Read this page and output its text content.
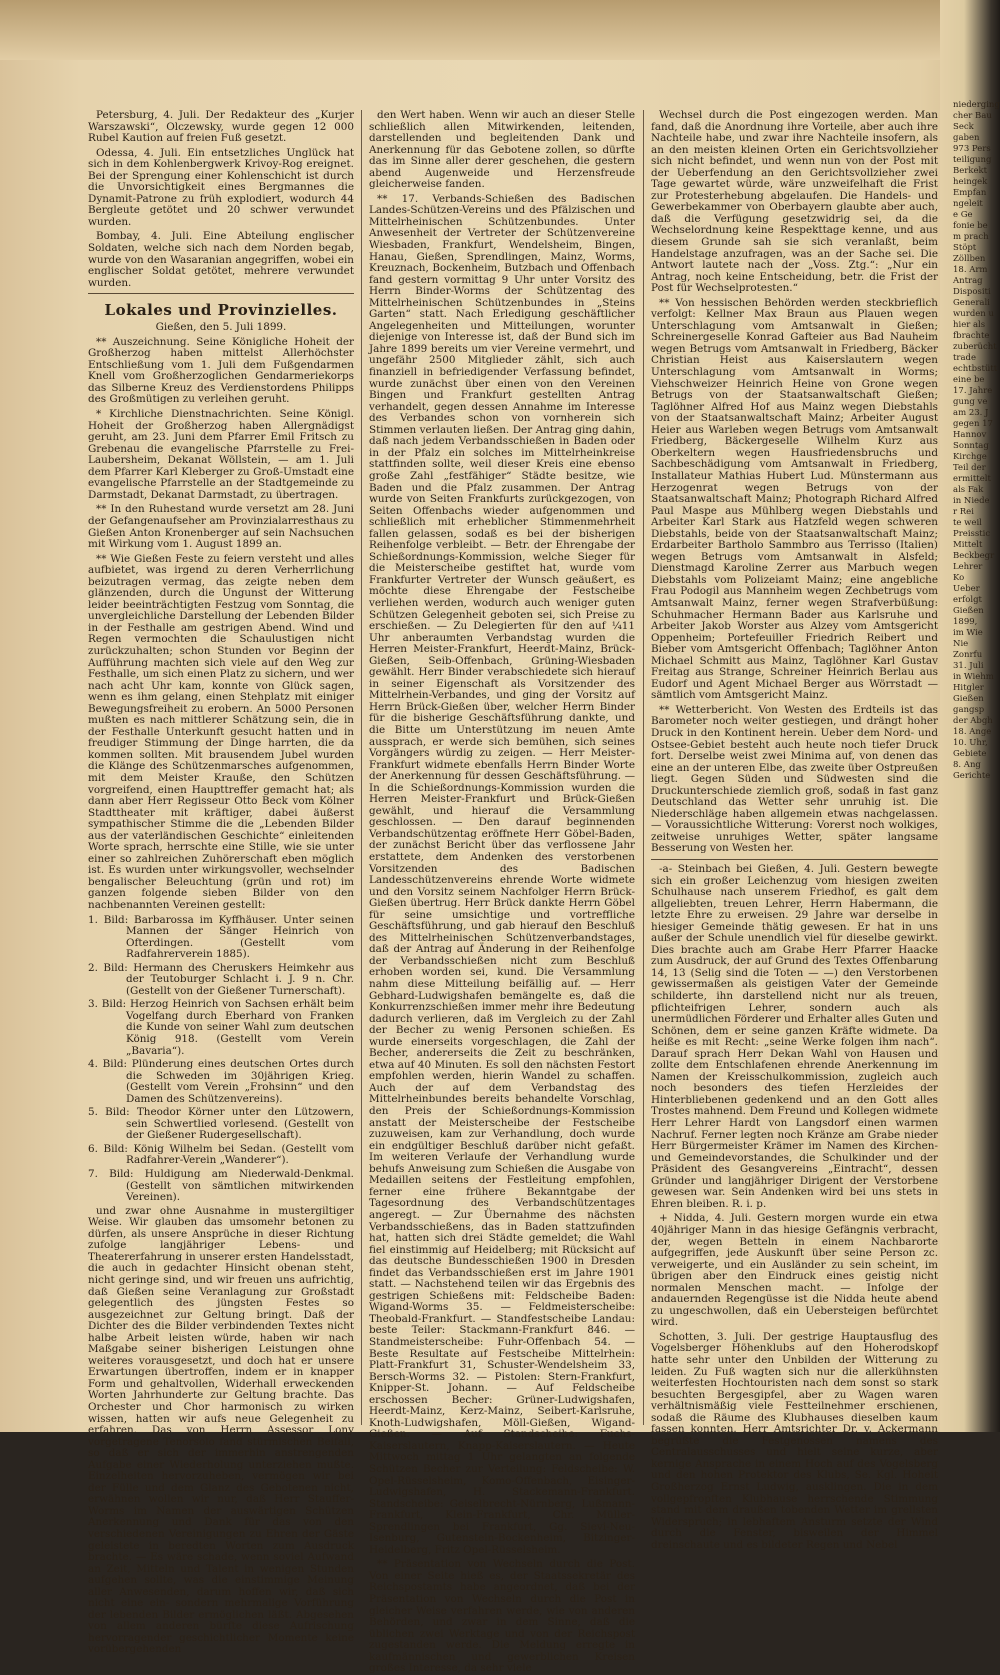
Petersburg, 4. Juli. Der Redakteur des „Kurjer Warszawski“, Olczewsky, wurde gegen 12 000 Rubel Kaution auf freien Fuß gesetzt.

Odessa, 4. Juli. Ein entsetzliches Unglück hat sich in dem Kohlenbergwerk Krivoy-Rog ereignet. Bei der Sprengung einer Kohlenschicht ist durch die Unvorsichtigkeit eines Bergmannes die Dynamit-Patrone zu früh explodiert, wodurch 44 Bergleute getötet und 20 schwer verwundet wurden.

Bombay, 4. Juli. Eine Abteilung englischer Soldaten, welche sich nach dem Norden begab, wurde von den Wasaranian angegriffen, wobei ein englischer Soldat getötet, mehrere verwundet wurden.

Lokales und Provinzielles.

Gießen, den 5. Juli 1899.

** Auszeichnung. Seine Königliche Hoheit der Großherzog haben mittelst Allerhöchster Entschließung vom 1. Juli dem Fußgendarmen Knell vom Großherzoglichen Gendarmeriekorps das Silberne Kreuz des Verdienstordens Philipps des Großmütigen zu verleihen geruht.

* Kirchliche Dienstnachrichten. Seine Königl. Hoheit der Großherzog haben Allergnädigst geruht, am 23. Juni dem Pfarrer Emil Fritsch zu Grebenau die evangelische Pfarrstelle zu Frei-Laubersheim, Dekanat Wöllstein, — am 1. Juli dem Pfarrer Karl Kleberger zu Groß-Umstadt eine evangelische Pfarrstelle an der Stadtgemeinde zu Darmstadt, Dekanat Darmstadt, zu übertragen.

** In den Ruhestand wurde versetzt am 28. Juni der Gefangenaufseher am Provinzialarresthaus zu Gießen Anton Kronenberger auf sein Nachsuchen mit Wirkung vom 1. August 1899 an.

** Wie Gießen Feste zu feiern versteht und alles aufbietet, was irgend zu deren Verherrlichung beizutragen vermag, das zeigte neben dem glänzenden, durch die Ungunst der Witterung leider beeinträchtigten Festzug vom Sonntag, die unvergleichliche Darstellung der Lebenden Bilder in der Festhalle am gestrigen Abend. Wind und Regen vermochten die Schaulustigen nicht zurückzuhalten; schon Stunden vor Beginn der Aufführung machten sich viele auf den Weg zur Festhalle, um sich einen Platz zu sichern, und wer nach acht Uhr kam, konnte von Glück sagen, wenn es ihm gelang, einen Stehplatz mit einiger Bewegungsfreiheit zu erobern. An 5000 Personen mußten es nach mittlerer Schätzung sein, die in der Festhalle Unterkunft gesucht hatten und in freudiger Stimmung der Dinge harrten, die da kommen sollten. Mit brausendem Jubel wurden die Klänge des Schützenmarsches aufgenommen, mit dem Meister Krauße, den Schützen vorgreifend, einen Haupttreffer gemacht hat; als dann aber Herr Regisseur Otto Beck vom Kölner Stadttheater mit kräftiger, dabei äußerst sympathischer Stimme die die „Lebenden Bilder aus der vaterländischen Geschichte“ einleitenden Worte sprach, herrschte eine Stille, wie sie unter einer so zahlreichen Zuhörerschaft eben möglich ist. Es wurden unter wirkungsvoller, wechselnder bengalischer Beleuchtung (grün und rot) im ganzen folgende sieben Bilder von den nachbenannten Vereinen gestellt:

1. Bild: Barbarossa im Kyffhäuser. Unter seinen Mannen der Sänger Heinrich von Ofterdingen. (Gestellt vom Radfahrerverein 1885).

2. Bild: Hermann des Cheruskers Heimkehr aus der Teutoburger Schlacht i. J. 9 n. Chr. (Gestellt von der Gießener Turnerschaft).

3. Bild: Herzog Heinrich von Sachsen erhält beim Vogelfang durch Eberhard von Franken die Kunde von seiner Wahl zum deutschen König 918. (Gestellt vom Verein „Bavaria“).

4. Bild: Plünderung eines deutschen Ortes durch die Schweden im 30jährigen Krieg. (Gestellt vom Verein „Frohsinn“ und den Damen des Schützenvereins).

5. Bild: Theodor Körner unter den Lützowern, sein Schwertlied vorlesend. (Gestellt von der Gießener Rudergesellschaft).

6. Bild: König Wilhelm bei Sedan. (Gestellt vom Radfahrer-Verein „Wanderer“).

7. Bild: Huldigung am Niederwald-Denkmal. (Gestellt von sämtlichen mitwirkenden Vereinen).

und zwar ohne Ausnahme in mustergiltiger Weise. Wir glauben das umsomehr betonen zu dürfen, als unsere Ansprüche in dieser Richtung zufolge langjähriger Lebens- und Theatererfahrung in unserer ersten Handelsstadt, die auch in gedachter Hinsicht obenan steht, nicht geringe sind, und wir freuen uns aufrichtig, daß Gießen seine Veranlagung zur Großstadt gelegentlich des jüngsten Festes so ausgezeichnet zur Geltung bringt. Daß der Dichter des die Bilder verbindenden Textes nicht halbe Arbeit leisten würde, haben wir nach Maßgabe seiner bisherigen Leistungen ohne weiteres vorausgesetzt, und doch hat er unsere Erwartungen übertroffen, indem er in knapper Form und gehaltvollen, Widerhall erweckenden Worten Jahrhunderte zur Geltung brachte. Das Orchester und Chor harmonisch zu wirken wissen, hatten wir aufs neue Gelegenheit zu erfahren. Das von Herrn Assessor Lony vorgetragene Tenorsolo fand stürmischen Beifall, so daß er sich der immerhin anstrengenden Aufgabe einer Wiederholung unterziehen mußte. Einzelheiten hervorzuheben, vermögen wir bei der Fülle und dem Glanz des Gebotenen nicht, erwähnen wollen wir nur, daß Herr Stauffer-Worms im Namen der auswärtigen Schützen Anerkennung und Dank für das von den verschiedenen Vereinigungen zu Ehren der Gäste geleistete in beredten Worten zum Ausdruck brachte. — Es wäre schade, wenn soviel Aufwand an Zeit, Mitteln und Talent in wenigen Stunden aufgehen sollte, was die einstimmige Meinung aller Anwesenden, darum hoffen wir, daß sich nicht eine ein- sondern mehrmalige Vorführung der lebenden Bilder ermöglichen läßt. Abgesehen von allem anderen bürfte diese Aufrischung hervorragender geschichtlicher Momente keine vorübergehenden

den Wert haben. Wenn wir auch an dieser Stelle schließlich allen Mitwirkenden, leitenden, darstellenden und begleitenden Dank und Anerkennung für das Gebotene zollen, so dürfte das im Sinne aller derer geschehen, die gestern abend Augenweide und Herzensfreude gleicherweise fanden.

** 17. Verbands-Schießen des Badischen Landes-Schützen-Vereins und des Pfälzischen und Mittelrheinischen Schützenbundes. Unter Anwesenheit der Vertreter der Schützenvereine Wiesbaden, Frankfurt, Wendelsheim, Bingen, Hanau, Gießen, Sprendlingen, Mainz, Worms, Kreuznach, Bockenheim, Butzbach und Offenbach fand gestern vormittag 9 Uhr unter Vorsitz des Herrn Binder-Worms der Schützentag des Mittelrheinischen Schützenbundes in „Steins Garten“ statt. Nach Erledigung geschäftlicher Angelegenheiten und Mitteilungen, worunter diejenige von Interesse ist, daß der Bund sich im Jahre 1899 bereits um vier Vereine vermehrt, und ungefähr 2500 Mitglieder zählt, sich auch finanziell in befriedigender Verfassung befindet, wurde zunächst über einen von den Vereinen Bingen und Frankfurt gestellten Antrag verhandelt, gegen dessen Annahme im Interesse des Verbandes schon von vornherein sich Stimmen verlauten ließen. Der Antrag ging dahin, daß nach jedem Verbandsschießen in Baden oder in der Pfalz ein solches im Mittelrheinkreise stattfinden sollte, weil dieser Kreis eine ebenso große Zahl „festfähiger“ Städte besitze, wie Baden und die Pfalz zusammen. Der Antrag wurde von Seiten Frankfurts zurückgezogen, von Seiten Offenbachs wieder aufgenommen und schließlich mit erheblicher Stimmenmehrheit fallen gelassen, sodaß es bei der bisherigen Reihenfolge verbleibt. — Betr. der Ehrengabe der Schießordnungs-Kommission, welche Sieger für die Meisterscheibe gestiftet hat, wurde vom Frankfurter Vertreter der Wunsch geäußert, es möchte diese Ehrengabe der Festscheibe verliehen werden, wodurch auch weniger guten Schützen Gelegenheit geboten sei, sich Preise zu erschießen. — Zu Delegierten für den auf ¼11 Uhr anberaumten Verbandstag wurden die Herren Meister-Frankfurt, Heerdt-Mainz, Brück-Gießen, Seib-Offenbach, Grüning-Wiesbaden gewählt. Herr Binder verabschiedete sich hierauf in seiner Eigenschaft als Vorsitzender des Mittelrhein-Verbandes, und ging der Vorsitz auf Herrn Brück-Gießen über, welcher Herrn Binder für die bisherige Geschäftsführung dankte, und die Bitte um Unterstützung im neuen Amte aussprach, er werde sich bemühen, sich seines Vorgängers würdig zu zeigen. — Herr Meister-Frankfurt widmete ebenfalls Herrn Binder Worte der Anerkennung für dessen Geschäftsführung. — In die Schießordnungs-Kommission wurden die Herren Meister-Frankfurt und Brück-Gießen gewählt, und hierauf die Versammlung geschlossen. — Den darauf beginnenden Verbandschützentag eröffnete Herr Göbel-Baden, der zunächst Bericht über das verflossene Jahr erstattete, dem Andenken des verstorbenen Vorsitzenden des Badischen Landesschützenvereins ehrende Worte widmete und den Vorsitz seinem Nachfolger Herrn Brück-Gießen übertrug. Herr Brück dankte Herrn Göbel für seine umsichtige und vortreffliche Geschäftsführung, und gab hierauf den Beschluß des Mittelrheinischen Schützenverbandstages, daß der Antrag auf Änderung in der Reihenfolge der Verbandsschießen nicht zum Beschluß erhoben worden sei, kund. Die Versammlung nahm diese Mitteilung beifällig auf. — Herr Gebhard-Ludwigshafen bemängelte es, daß die Konkurrenzschießen immer mehr ihre Bedeutung dadurch verlieren, daß im Vergleich zu der Zahl der Becher zu wenig Personen schießen. Es wurde einerseits vorgeschlagen, die Zahl der Becher, andererseits die Zeit zu beschränken, etwa auf 40 Minuten. Es soll den nächsten Festort empfohlen werden, hierin Wandel zu schaffen. Auch der auf dem Verbandstag des Mittelrheinbundes bereits behandelte Vorschlag, den Preis der Schießordnungs-Kommission anstatt der Meisterscheibe der Festscheibe zuzuweisen, kam zur Verhandlung, doch wurde ein endgültiger Beschluß darüber nicht gefaßt. Im weiteren Verlaufe der Verhandlung wurde behufs Anweisung zum Schießen die Ausgabe von Medaillen seitens der Festleitung empfohlen, ferner eine frühere Bekanntgabe der Tagesordnung des Verbandschützentages angeregt. — Zur Übernahme des nächsten Verbandsschießens, das in Baden stattzufinden hat, hatten sich drei Städte gemeldet; die Wahl fiel einstimmig auf Heidelberg; mit Rücksicht auf das deutsche Bundesschießen 1900 in Dresden findet das Verbandsschießen erst im Jahre 1901 statt. — Nachstehend teilen wir das Ergebnis des gestrigen Schießens mit: Feldscheibe Baden: Wigand-Worms 35. — Feldmeisterscheibe: Theobald-Frankfurt. — Standfestscheibe Landau: beste Teiler: Stackmann-Frankfurt 846. — Standmeisterscheibe: Fuhr-Offenbach 54. — Beste Resultate auf Festscheibe Mittelrhein: Platt-Frankfurt 31, Schuster-Wendelsheim 33, Bersch-Worms 32. — Pistolen: Stern-Frankfurt, Knipper-St. Johann. — Auf Feldscheibe erschossen Becher: Grüner-Ludwigshafen, Heerdt-Mainz, Kerz-Mainz, Seibert-Karlsruhe, Knoth-Ludwigshafen, Möll-Gießen, Wigand-Gießen. — Auf Standscheibe: Fuchs-Kaiserslautern, Knapp-Kaiserslautern. — Heute Mittwoch mittag 1 Uhr gelangten an folgende Schützen Becher zur Verteilung: Feldscheibe: W. Opel-Rüsselsheim, Komo-Offenbach, Eisinger-Ludwigshafen, H. Stackemann-Frankfurt. Standscheibe: Geiselbrecht-Nürnberg, Lußmann-Frankfurt, Klein-Frankfurt, Chr. Müller-Sprendlingen bei Frankfurt, Gg. Sievi-Neu-Isenburg, Gutenstein-Bockenheim, Bitzinger-Heidelberg, Fritz Opel-Rüsselsheim.

** Präsentation von Wechseln durch die Post. Von einer Seite hieß es, der Staatssekretär des Reichspostamts habe angeordnet, daß bei der Präsentation von Wechseln durch die Post in gleicher Weise verfahren werde, wie von anderen Behörden, und zwar in dem Sinne, daß die üblichen zwei Werktage und von der Reichspost zugestanden werde. Die Meldung erregte in kaufmännischen und gewerblichen Kreisen großes Interesse, da sehr viele

Wechsel durch die Post eingezogen werden. Man fand, daß die Anordnung ihre Vorteile, aber auch ihre Nachteile habe, und zwar ihre Nachteile insofern, als an den meisten kleinen Orten ein Gerichtsvollzieher sich nicht befindet, und wenn nun von der Post mit der Ueberfendung an den Gerichtsvollzieher zwei Tage gewartet würde, wäre unzweifelhaft die Frist zur Protesterhebung abgelaufen. Die Handels- und Gewerbekammer von Oberbayern glaubte aber auch, daß die Verfügung gesetzwidrig sei, da die Wechselordnung keine Respekttage kenne, und aus diesem Grunde sah sie sich veranlaßt, beim Handelstage anzufragen, was an der Sache sei. Die Antwort lautete nach der „Voss. Ztg.“: „Nur ein Antrag, noch keine Entscheidung, betr. die Frist der Post für Wechselprotesten.“

** Von hessischen Behörden werden steckbrieflich verfolgt: Kellner Max Braun aus Plauen wegen Unterschlagung vom Amtsanwalt in Gießen; Schreinergeselle Konrad Gafteier aus Bad Nauheim wegen Betrugs vom Amtsanwalt in Friedberg, Bäcker Christian Heist aus Kaiserslautern wegen Unterschlagung vom Amtsanwalt in Worms; Viehschweizer Heinrich Heine von Grone wegen Betrugs von der Staatsanwaltschaft Gießen; Taglöhner Alfred Hof aus Mainz wegen Diebstahls von der Staatsanwaltschaft Mainz; Arbeiter August Heier aus Warleben wegen Betrugs vom Amtsanwalt Friedberg, Bäckergeselle Wilhelm Kurz aus Oberkeltern wegen Hausfriedensbruchs und Sachbeschädigung vom Amtsanwalt in Friedberg, Installateur Mathias Hubert Lud. Münstermann aus Herzogenrat wegen Betrugs von der Staatsanwaltschaft Mainz; Photograph Richard Alfred Paul Maspe aus Mühlberg wegen Diebstahls und Arbeiter Karl Stark aus Hatzfeld wegen schweren Diebstahls, beide von der Staatsanwaltschaft Mainz; Erdarbeiter Bartholo Sammbro aus Terrisso (Italien) wegen Betrugs vom Amtsanwalt in Alsfeld; Dienstmagd Karoline Zerrer aus Marbuch wegen Diebstahls vom Polizeiamt Mainz; eine angebliche Frau Podogil aus Mannheim wegen Zechbetrugs vom Amtsanwalt Mainz, ferner wegen Strafverbüßung: Schuhmacher Hermann Bader aus Karlsruhe und Arbeiter Jakob Worster aus Alzey vom Amtsgericht Oppenheim; Portefeuiller Friedrich Reibert und Bieber vom Amtsgericht Offenbach; Taglöhner Anton Michael Schmitt aus Mainz, Taglöhner Karl Gustav Freitag aus Strange, Schreiner Heinrich Berlau aus Eudorf und Agent Michael Berger aus Wörrstadt — sämtlich vom Amtsgericht Mainz.

** Wetterbericht. Von Westen des Erdteils ist das Barometer noch weiter gestiegen, und drängt hoher Druck in den Kontinent herein. Ueber dem Nord- und Ostsee-Gebiet besteht auch heute noch tiefer Druck fort. Derselbe weist zwei Minima auf, von denen das eine an der unteren Elbe, das zweite über Ostpreußen liegt. Gegen Süden und Südwesten sind die Druckunterschiede ziemlich groß, sodaß in fast ganz Deutschland das Wetter sehr unruhig ist. Die Niederschläge haben allgemein etwas nachgelassen. — Voraussichtliche Witterung: Vorerst noch wolkiges, zeitweise unruhiges Wetter, später langsame Besserung von Westen her.

-a- Steinbach bei Gießen, 4. Juli. Gestern bewegte sich ein großer Leichenzug vom hiesigen zweiten Schulhause nach unserem Friedhof, es galt dem allgeliebten, treuen Lehrer, Herrn Habermann, die letzte Ehre zu erweisen. 29 Jahre war derselbe in hiesiger Gemeinde thätig gewesen. Er hat in uns außer der Schule unendlich viel für dieselbe gewirkt. Dies brachte auch am Grabe Herr Pfarrer Haacke zum Ausdruck, der auf Grund des Textes Offenbarung 14, 13 (Selig sind die Toten — —) den Verstorbenen gewissermaßen als geistigen Vater der Gemeinde schilderte, ihn darstellend nicht nur als treuen, pflichteifrigen Lehrer, sondern auch als unermüdlichen Förderer und Erhalter alles Guten und Schönen, dem er seine ganzen Kräfte widmete. Da heiße es mit Recht: „seine Werke folgen ihm nach“. Darauf sprach Herr Dekan Wahl von Hausen und zollte dem Entschlafenen ehrende Anerkennung im Namen der Kreisschulkommission, zugleich auch noch besonders des tiefen Herzleides der Hinterbliebenen gedenkend und an den Gott alles Trostes mahnend. Dem Freund und Kollegen widmete Herr Lehrer Hardt von Langsdorf einen warmen Nachruf. Ferner legten noch Kränze am Grabe nieder Herr Bürgermeister Krämer im Namen des Kirchen- und Gemeindevorstandes, die Schulkinder und der Präsident des Gesangvereins „Eintracht“, dessen Gründer und langjähriger Dirigent der Verstorbene gewesen war. Sein Andenken wird bei uns stets in Ehren bleiben. R. i. p.

+ Nidda, 4. Juli. Gestern morgen wurde ein etwa 40jähriger Mann in das hiesige Gefängnis verbracht, der, wegen Betteln in einem Nachbarorte aufgegriffen, jede Auskunft über seine Person zc. verweigerte, und ein Ausländer zu sein scheint, im übrigen aber den Eindruck eines geistig nicht normalen Menschen macht. — Infolge der andauernden Regengüsse ist die Nidda heute abend zu ungeschwollen, daß ein Uebersteigen befürchtet wird.

Schotten, 3. Juli. Der gestrige Hauptausflug des Vogelsberger Höhenklubs auf den Hoherodskopf hatte sehr unter den Unbilden der Witterung zu leiden. Zu Fuß wagten sich nur die allerkühnsten weiterfesten Hochtouristen nach dem sonst so stark besuchten Bergesgipfel, aber zu Wagen waren verhältnismäßig viele Festteilnehmer erschienen, sodaß die Räume des Klubhauses dieselben kaum fassen konnten. Herr Amtsrichter Dr. v. Ackermann begrüßte die Festgenossen namens des Centralausschusses und hielt seine kurze, aber kernige Ansprache in einem Hoch auf des Vogelsberg und den hohen Protektor des Klubs, Se. Kgl. Hoheit Großherzog Ernst Ludwig, ausklingen. Die in dem vollgepfropften Klubhause herrschende Stimmung stand mit dem draußen tobenden Wetter im grellsten Widerspruch; in lebhaftem Ansturm setzte der Wind durch die Fenster, bisweilen der Himmel dreinschaute und es bildeter Regen und Nebel

niederging
cher Bau
Seck
gaben
973 Pers
teiligung
Berkekt
heingek
Empfan
ngeleit
e Ge
fonie be
m prach
Stöpt
Zöllben
18. Arm
Antrag
Dispositi
Generali
wurden u
hier als
fbrachte
zuberücht
trade
echtbstütt
eine be
17. Jahre
gung ve
am 23. J
gegen 17
Hannov
Sonntag
Kirchge
Teil der
ermittelt
als Fak
in Niede
r Rei
te weil
Preisstic
Mittelt
Beckbegr
Lehrer
Ko
Ueber
erfolgt
Gießen
1899,
im Wie
Nie
Zonrfu
31. Juli
in Wiehm
Hitgler
Gießen
gangsp
der Abgh
18. Ange
10. Uhr,
Gebiete
8. Ang
Gerichte
